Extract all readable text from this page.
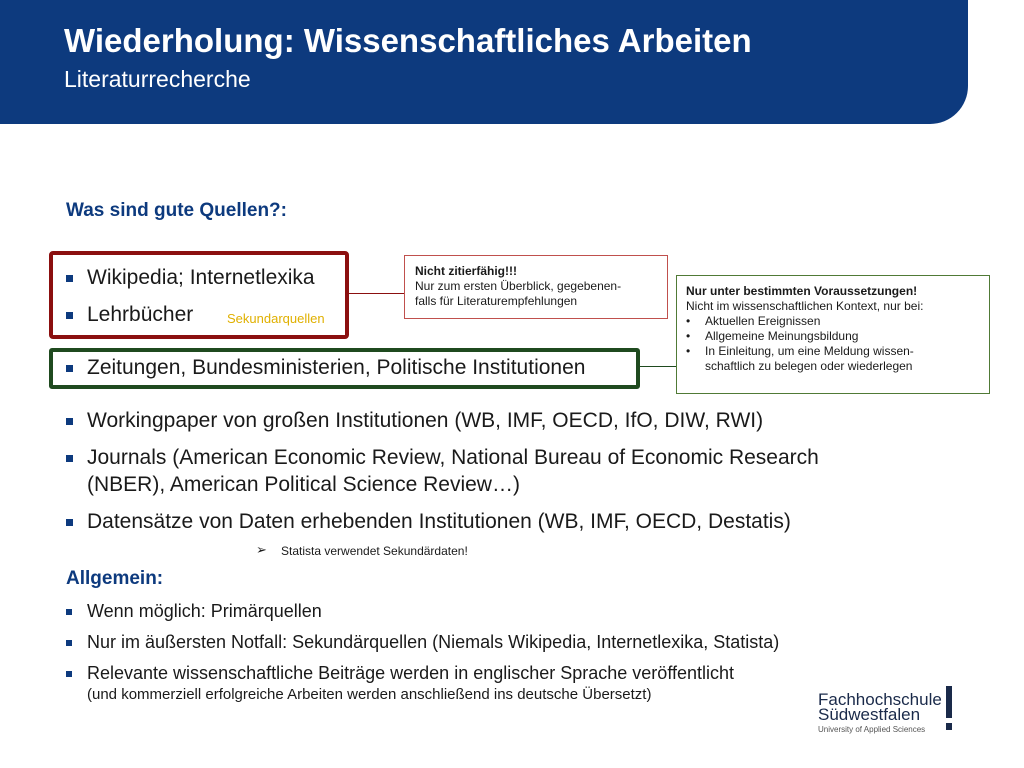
Wiederholung: Wissenschaftliches Arbeiten
Literaturrecherche
Was sind gute Quellen?:
Wikipedia; Internetlexika
Lehrbücher	Sekundarquellen
Nicht zitierfähig!!!
Nur zum ersten Überblick, gegebenen-
falls für Literaturempfehlungen
Zeitungen, Bundesministerien, Politische Institutionen
Nur unter bestimmten Voraussetzungen!
Nicht im wissenschaftlichen Kontext, nur bei:
• Aktuellen Ereignissen
• Allgemeine Meinungsbildung
• In Einleitung, um eine Meldung wissen-
schaftlich zu belegen oder wiederlegen
Workingpaper von großen Institutionen (WB, IMF, OECD, IfO, DIW, RWI)
Journals (American Economic Review, National Bureau of Economic Research
(NBER), American Political Science Review…)
Datensätze von Daten erhebenden Institutionen (WB, IMF, OECD, Destatis)
➢ Statista verwendet Sekundärdaten!
Allgemein:
Wenn möglich: Primärquellen
Nur im äußersten Notfall: Sekundärquellen (Niemals Wikipedia, Internetlexika, Statista)
Relevante wissenschaftliche Beiträge werden in englischer Sprache veröffentlicht
(und kommerziell erfolgreiche Arbeiten werden anschließend ins deutsche Übersetzt)	Fachhochschule
Südwestfalen
University of Applied Sciences
